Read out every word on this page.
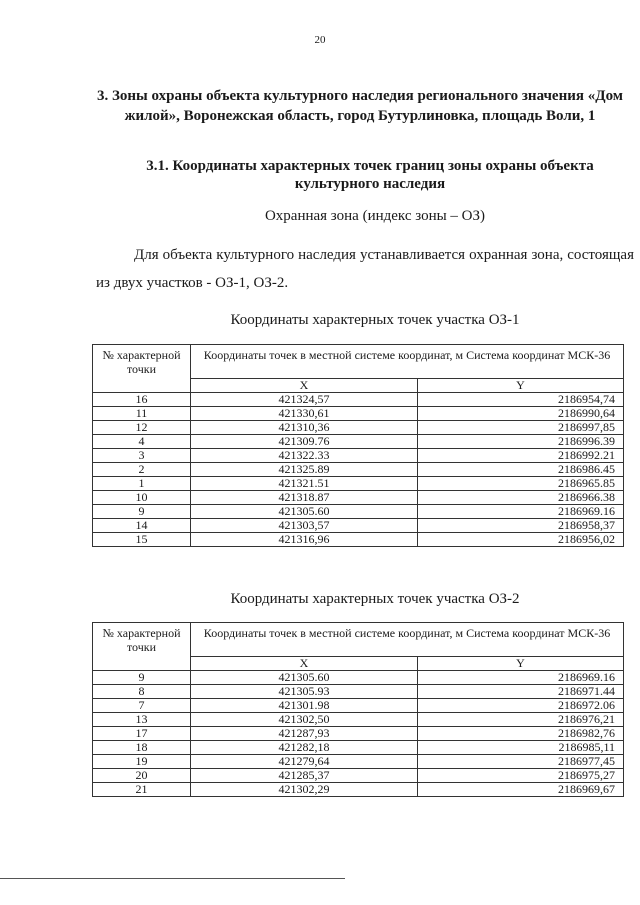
20
3. Зоны охраны объекта культурного наследия регионального значения «Дом жилой», Воронежская область, город Бутурлиновка, площадь Воли, 1
3.1. Координаты характерных точек границ зоны охраны объекта культурного наследия
Охранная зона (индекс зоны – ОЗ)
Для объекта культурного наследия устанавливается охранная зона, состоящая из двух участков - ОЗ-1, ОЗ-2.
Координаты характерных точек участка ОЗ-1
№ характерной точки	Координаты точек в местной системе координат, м Система координат МСК-36	
	X	Y
16	421324,57	2186954,74
11	421330,61	2186990,64
12	421310,36	2186997,85
4	421309.76	2186996.39
3	421322.33	2186992.21
2	421325.89	2186986.45
1	421321.51	2186965.85
10	421318.87	2186966.38
9	421305.60	2186969.16
14	421303,57	2186958,37
15	421316,96	2186956,02
Координаты характерных точек участка ОЗ-2
№ характерной точки	Координаты точек в местной системе координат, м Система координат МСК-36	
	X	Y
9	421305.60	2186969.16
8	421305.93	2186971.44
7	421301.98	2186972.06
13	421302,50	2186976,21
17	421287,93	2186982,76
18	421282,18	2186985,11
19	421279,64	2186977,45
20	421285,37	2186975,27
21	421302,29	2186969,67
